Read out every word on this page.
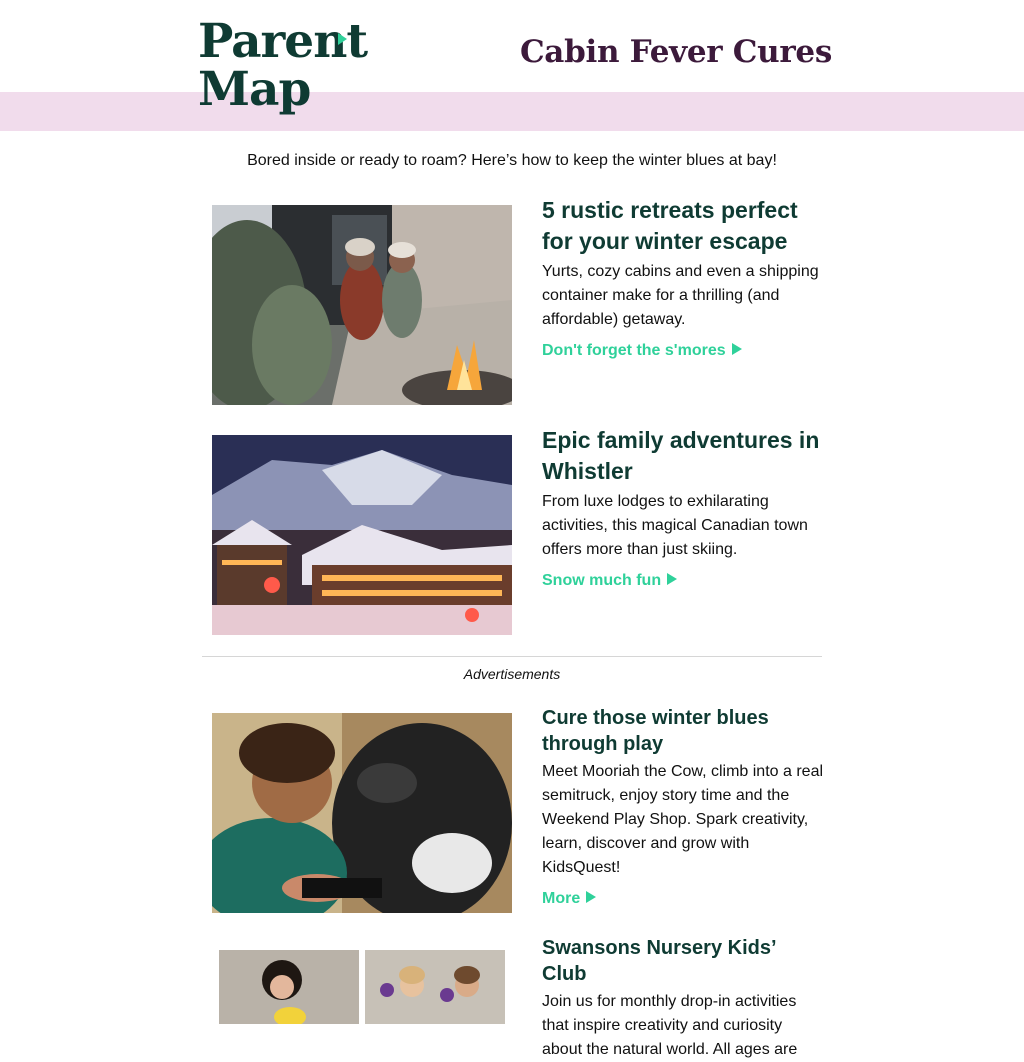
Parent
Map
Cabin Fever Cures
Bored inside or ready to roam? Here’s how to keep the winter blues at bay!
5 rustic retreats perfect for your winter escape

Yurts, cozy cabins and even a shipping container make for a thrilling (and affordable) getaway.

Don't forget the s'mores
Epic family adventures in Whistler

From luxe lodges to exhilarating activities, this magical Canadian town offers more than just skiing.

Snow much fun
Advertisements
Cure those winter blues through play

Meet Mooriah the Cow, climb into a real semitruck, enjoy story time and the Weekend Play Shop. Spark creativity, learn, discover and grow with KidsQuest!

More
Swansons Nursery Kids’ Club

Join us for monthly drop-in activities that inspire creativity and curiosity about the natural world. All ages are
